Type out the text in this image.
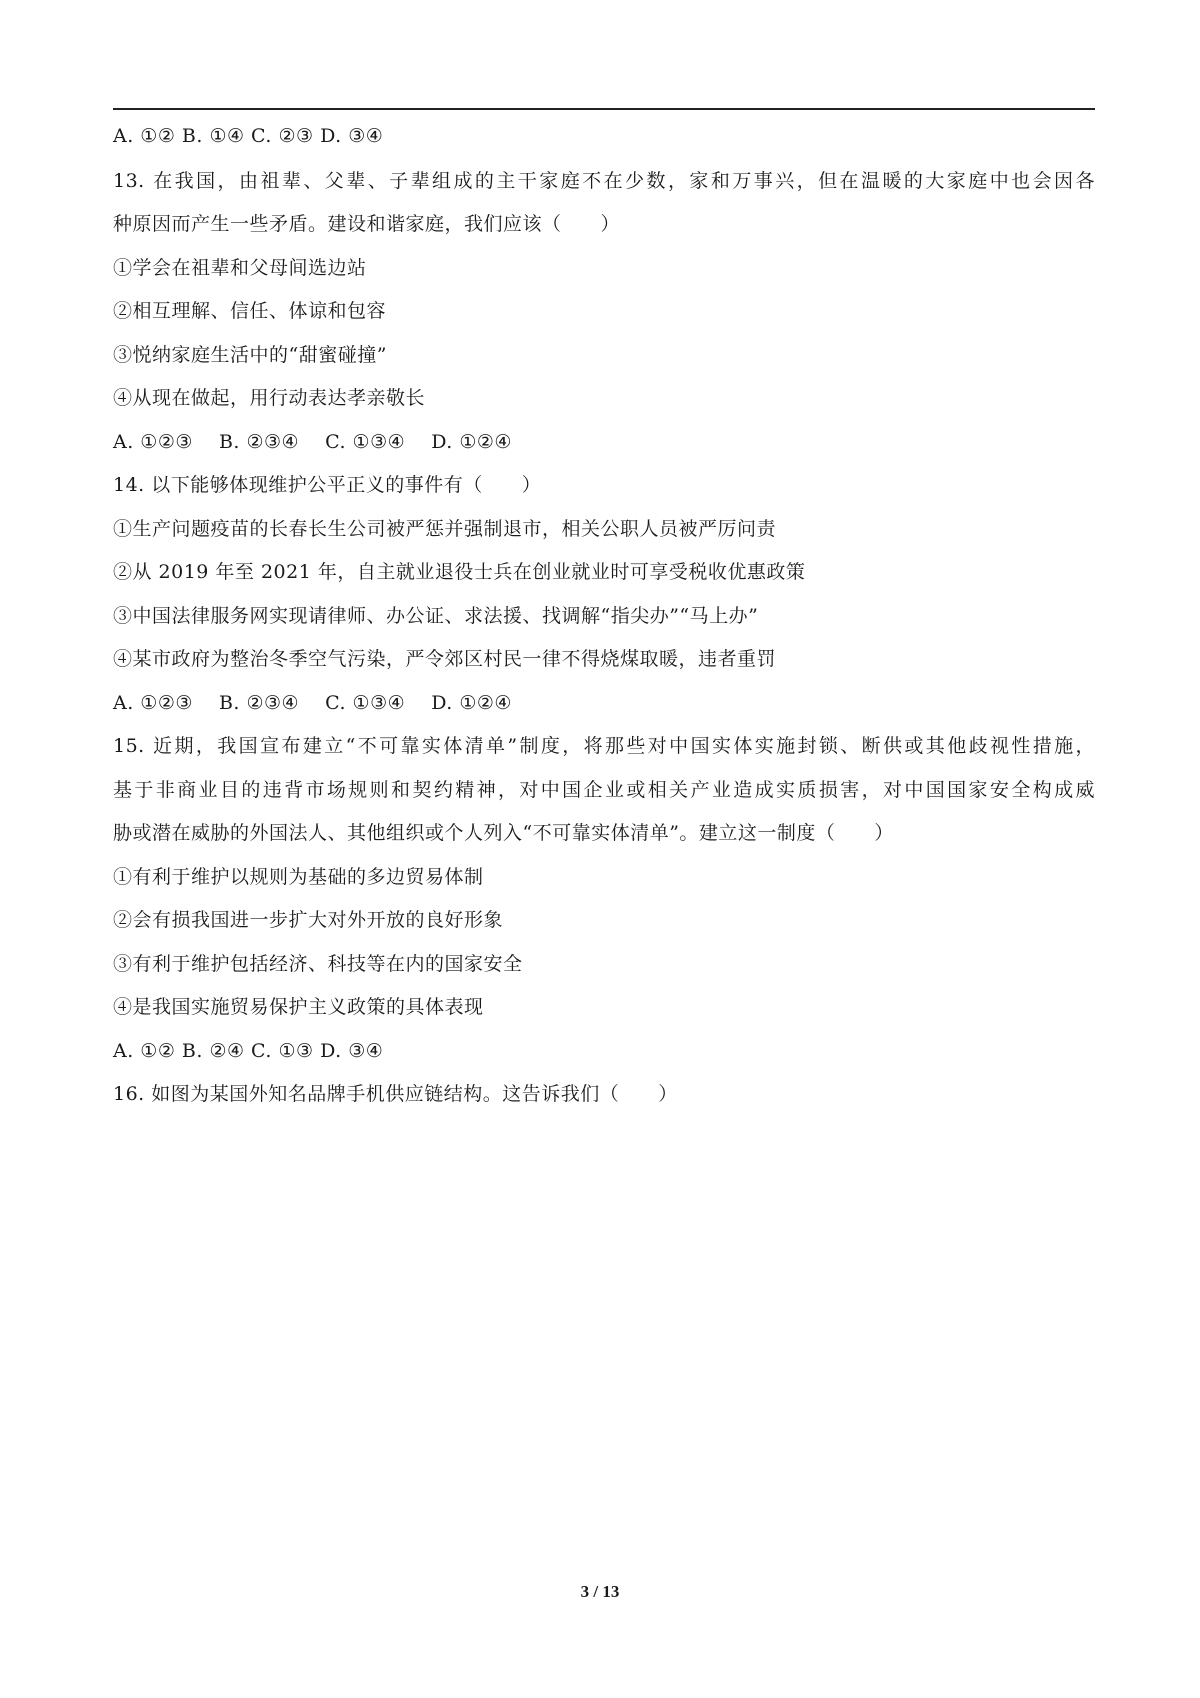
A. ①② B. ①④ C. ②③ D. ③④
13. 在我国，由祖辈、父辈、子辈组成的主干家庭不在少数，家和万事兴，但在温暖的大家庭中也会因各
种原因而产生一些矛盾。建设和谐家庭，我们应该（　　）
①学会在祖辈和父母间选边站
②相互理解、信任、体谅和包容
③悦纳家庭生活中的“甜蜜碰撞”
④从现在做起，用行动表达孝亲敬长
A. ①②③　 B. ②③④　 C. ①③④　 D. ①②④
14. 以下能够体现维护公平正义的事件有（　　）
①生产问题疫苗的长春长生公司被严惩并强制退市，相关公职人员被严厉问责
②从 2019 年至 2021 年，自主就业退役士兵在创业就业时可享受税收优惠政策
③中国法律服务网实现请律师、办公证、求法援、找调解“指尖办”“马上办”
④某市政府为整治冬季空气污染，严令郊区村民一律不得烧煤取暖，违者重罚
A. ①②③　 B. ②③④　 C. ①③④　 D. ①②④
15. 近期，我国宣布建立“不可靠实体清单”制度，将那些对中国实体实施封锁、断供或其他歧视性措施，
基于非商业目的违背市场规则和契约精神，对中国企业或相关产业造成实质损害，对中国国家安全构成威
胁或潜在威胁的外国法人、其他组织或个人列入“不可靠实体清单”。建立这一制度（　　）
①有利于维护以规则为基础的多边贸易体制
②会有损我国进一步扩大对外开放的良好形象
③有利于维护包括经济、科技等在内的国家安全
④是我国实施贸易保护主义政策的具体表现
A. ①② B. ②④ C. ①③ D. ③④
16. 如图为某国外知名品牌手机供应链结构。这告诉我们（　　）
3 / 13
